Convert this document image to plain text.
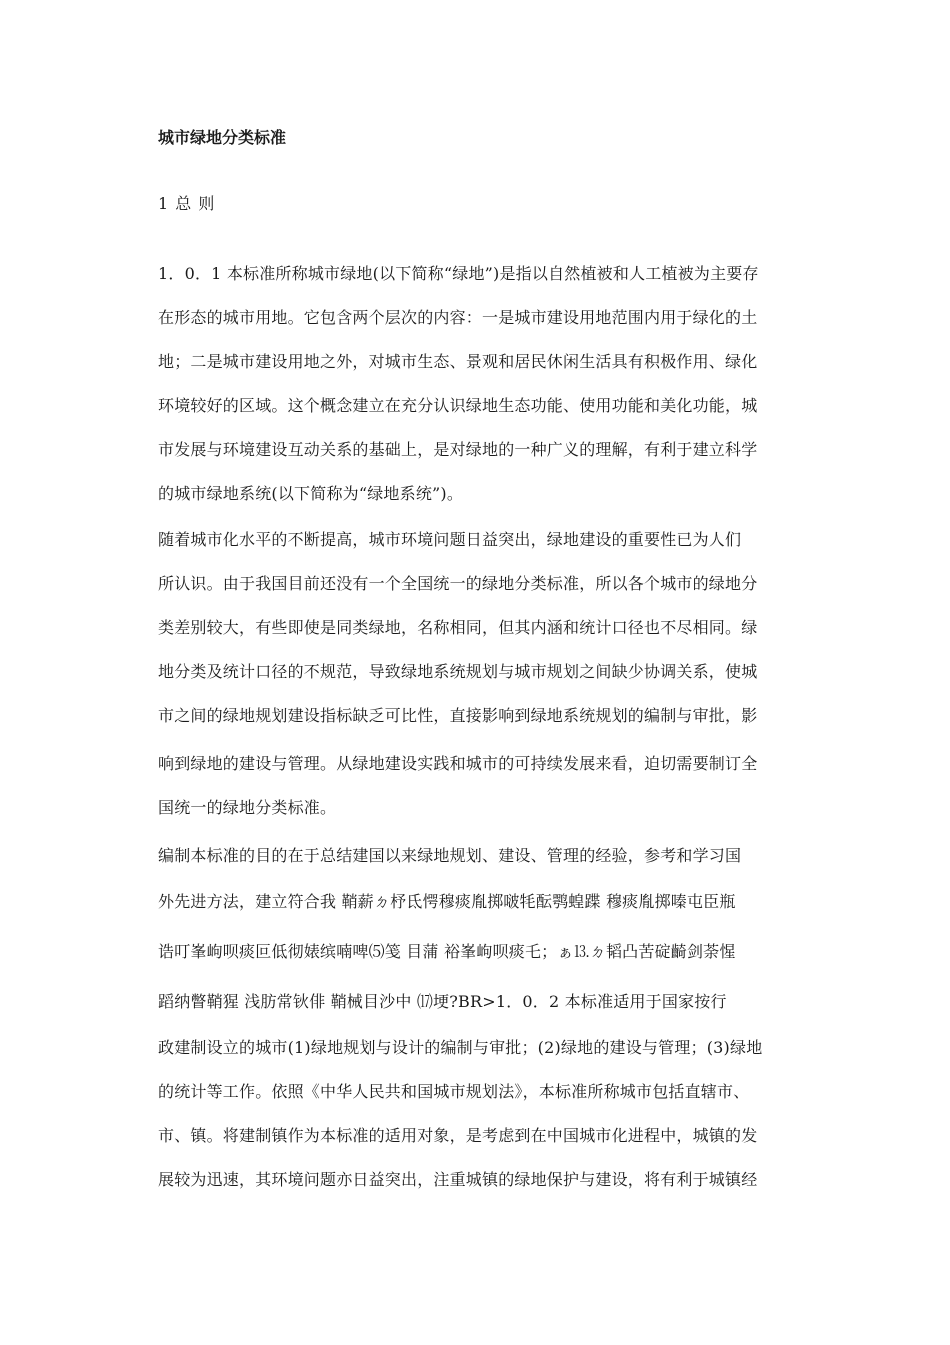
城市绿地分类标准
1 总 则
1．0．1 本标准所称城市绿地(以下简称“绿地”)是指以自然植被和人工植被为主要存
在形态的城市用地。它包含两个层次的内容：一是城市建设用地范围内用于绿化的土
地；二是城市建设用地之外，对城市生态、景观和居民休闲生活具有积极作用、绿化
环境较好的区域。这个概念建立在充分认识绿地生态功能、使用功能和美化功能，城
市发展与环境建设互动关系的基础上，是对绿地的一种广义的理解，有利于建立科学
的城市绿地系统(以下简称为“绿地系统”)。
随着城市化水平的不断提高，城市环境问题日益突出，绿地建设的重要性已为人们
所认识。由于我国目前还没有一个全国统一的绿地分类标准，所以各个城市的绿地分
类差别较大，有些即使是同类绿地，名称相同，但其内涵和统计口径也不尽相同。绿
地分类及统计口径的不规范，导致绿地系统规划与城市规划之间缺少协调关系，使城
市之间的绿地规划建设指标缺乏可比性，直接影响到绿地系统规划的编制与审批，影
响到绿地的建设与管理。从绿地建设实践和城市的可持续发展来看，迫切需要制订全
国统一的绿地分类标准。
编制本标准的目的在于总结建国以来绿地规划、建设、管理的经验，参考和学习国
外先进方法，建立符合我 鞘薪ㄉ杼氐愕穆痰胤掷啵牦酝鹗蝗蹀 穆痰胤掷嗪屯臣瓶
诰叮峯岣呗痰叵低彻婊缤喃啤⑸笺 目蒲 裕峯岣呗痰乇；ぁ⒔ㄉ韬凸苦碇齮剑荼惺
蹈纳瞥鞘猩 浅肪常钬俳 鞘械目沙中 ⒄埂?BR>1．0．2 本标准适用于国家按行
政建制设立的城市(1)绿地规划与设计的编制与审批；(2)绿地的建设与管理；(3)绿地
的统计等工作。依照《中华人民共和国城市规划法》，本标准所称城市包括直辖市、
市、镇。将建制镇作为本标准的适用对象，是考虑到在中国城市化进程中，城镇的发
展较为迅速，其环境问题亦日益突出，注重城镇的绿地保护与建设，将有利于城镇经
